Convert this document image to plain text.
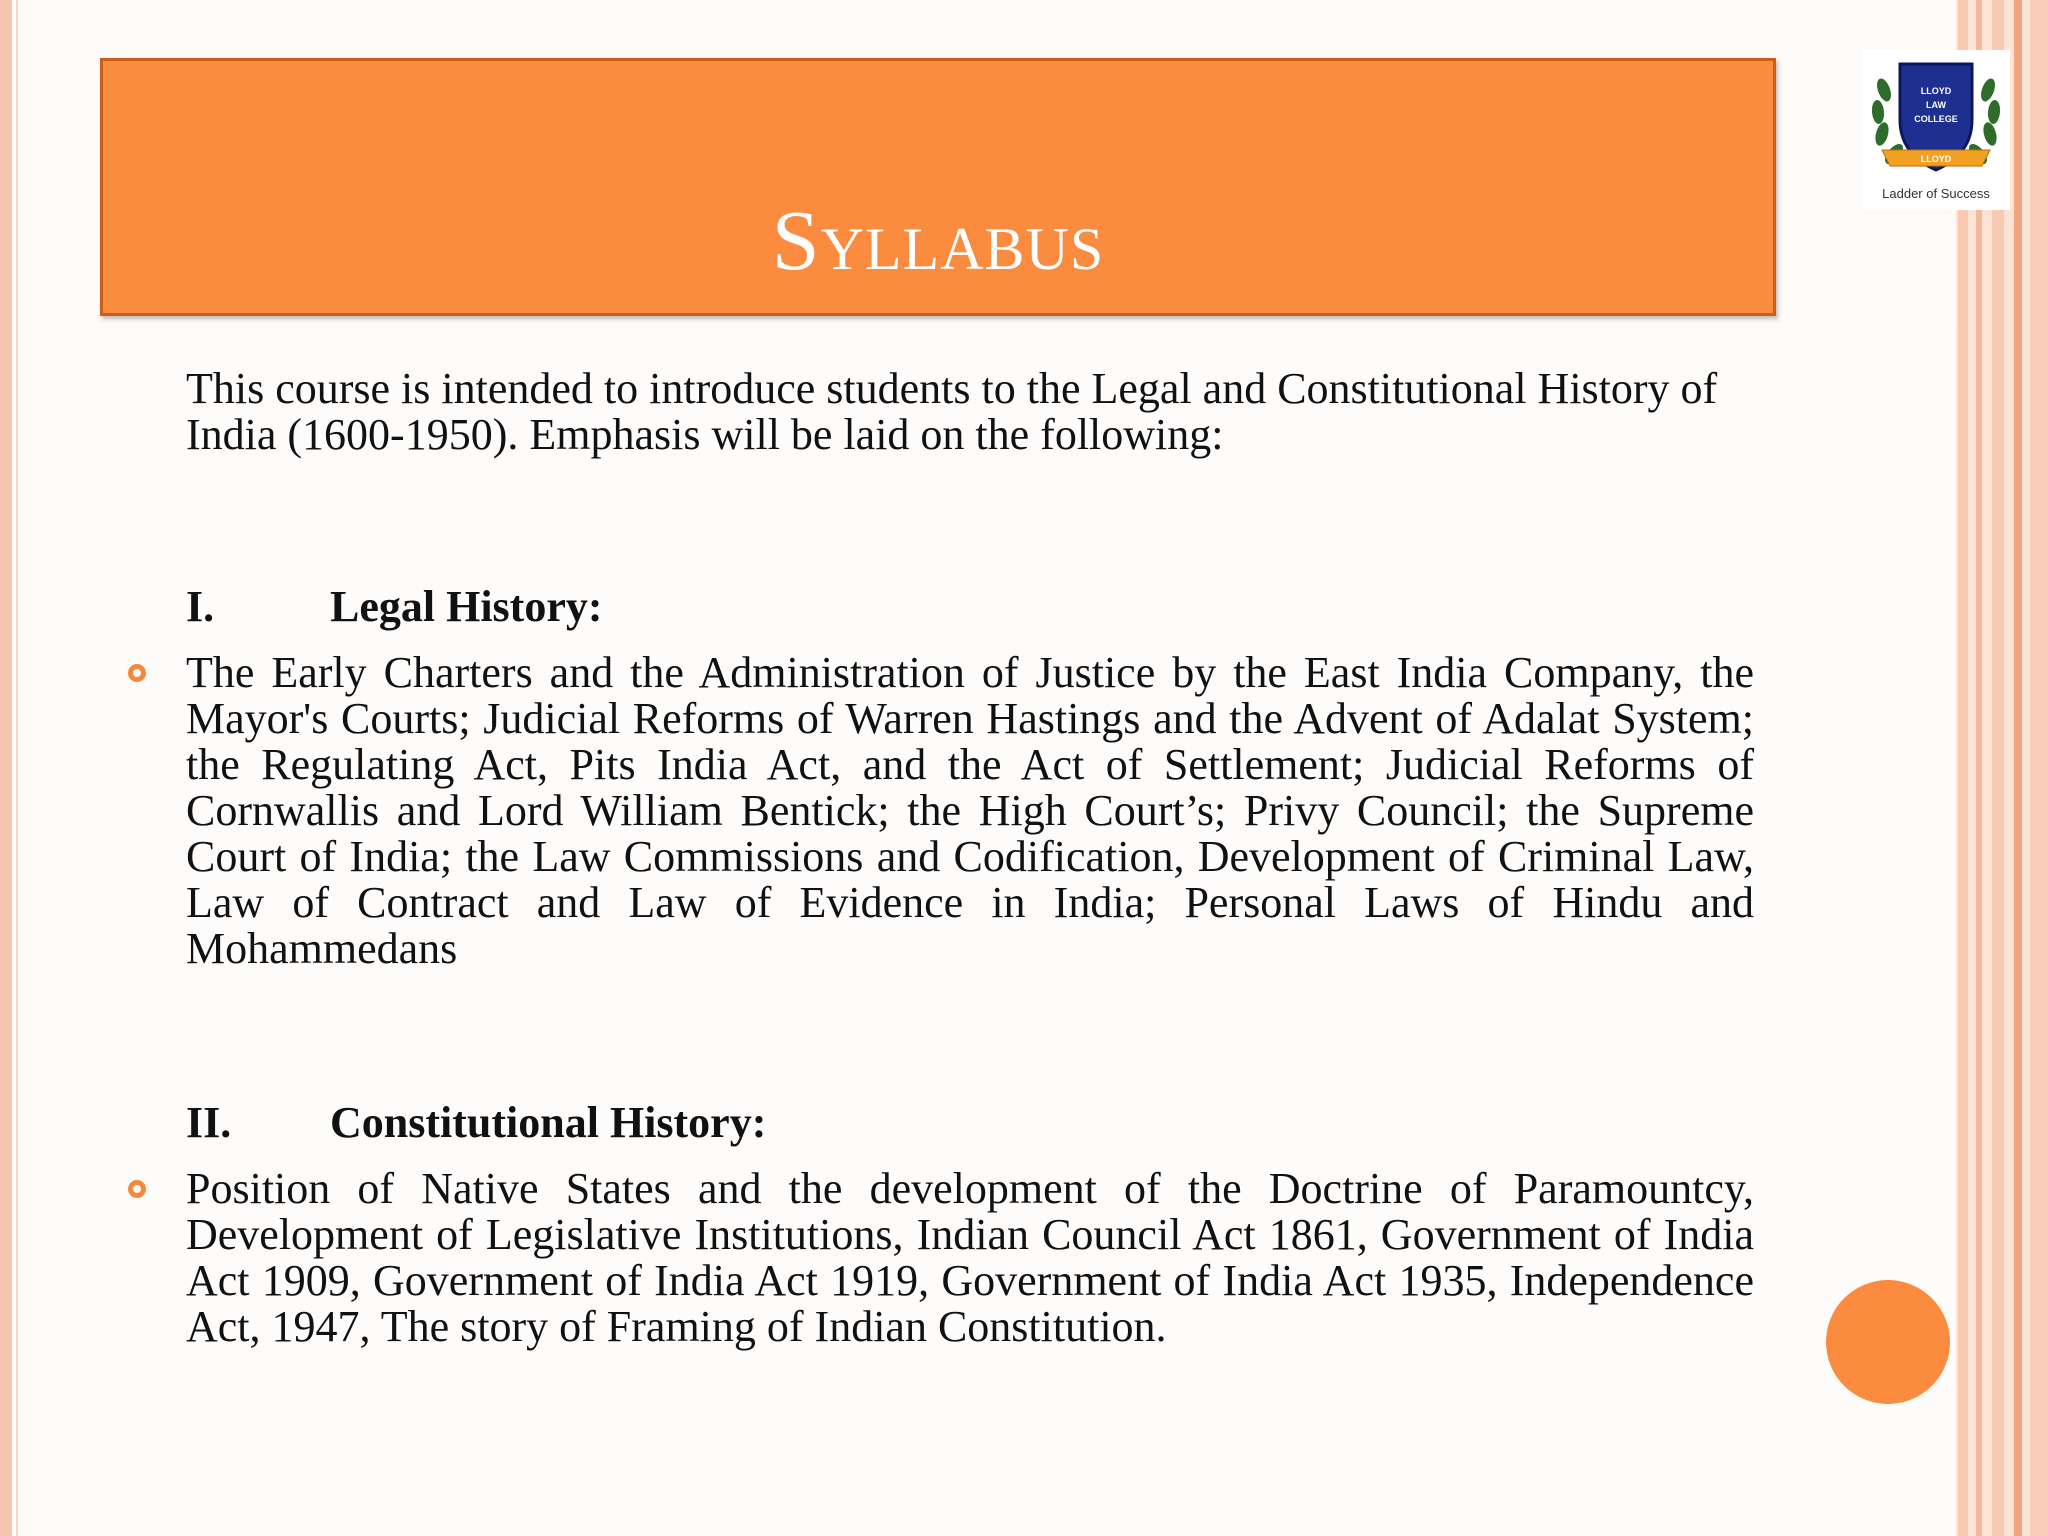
Syllabus
LLOYD
LAW
COLLEGE
LLOYD
Ladder of Success
This course is intended to introduce students to the Legal and Constitutional History of India (1600-1950). Emphasis will be laid on the following:
I.	Legal History:
The Early Charters and the Administration of Justice by the East India Company, the Mayor's Courts; Judicial Reforms of Warren Hastings and the Advent of Adalat System; the Regulating Act, Pits India Act, and the Act of Settlement; Judicial Reforms of Cornwallis and Lord William Bentick; the High Court’s; Privy Council; the Supreme Court of India; the Law Commissions and Codification, Development of Criminal Law, Law of Contract and Law of Evidence in India; Personal Laws of Hindu and Mohammedans
II. Constitutional History:
Position of Native States and the development of the Doctrine of Paramountcy, Development of Legislative Institutions, Indian Council Act 1861, Government of India Act 1909, Government of India Act 1919, Government of India Act 1935, Independence Act, 1947, The story of Framing of Indian Constitution.
